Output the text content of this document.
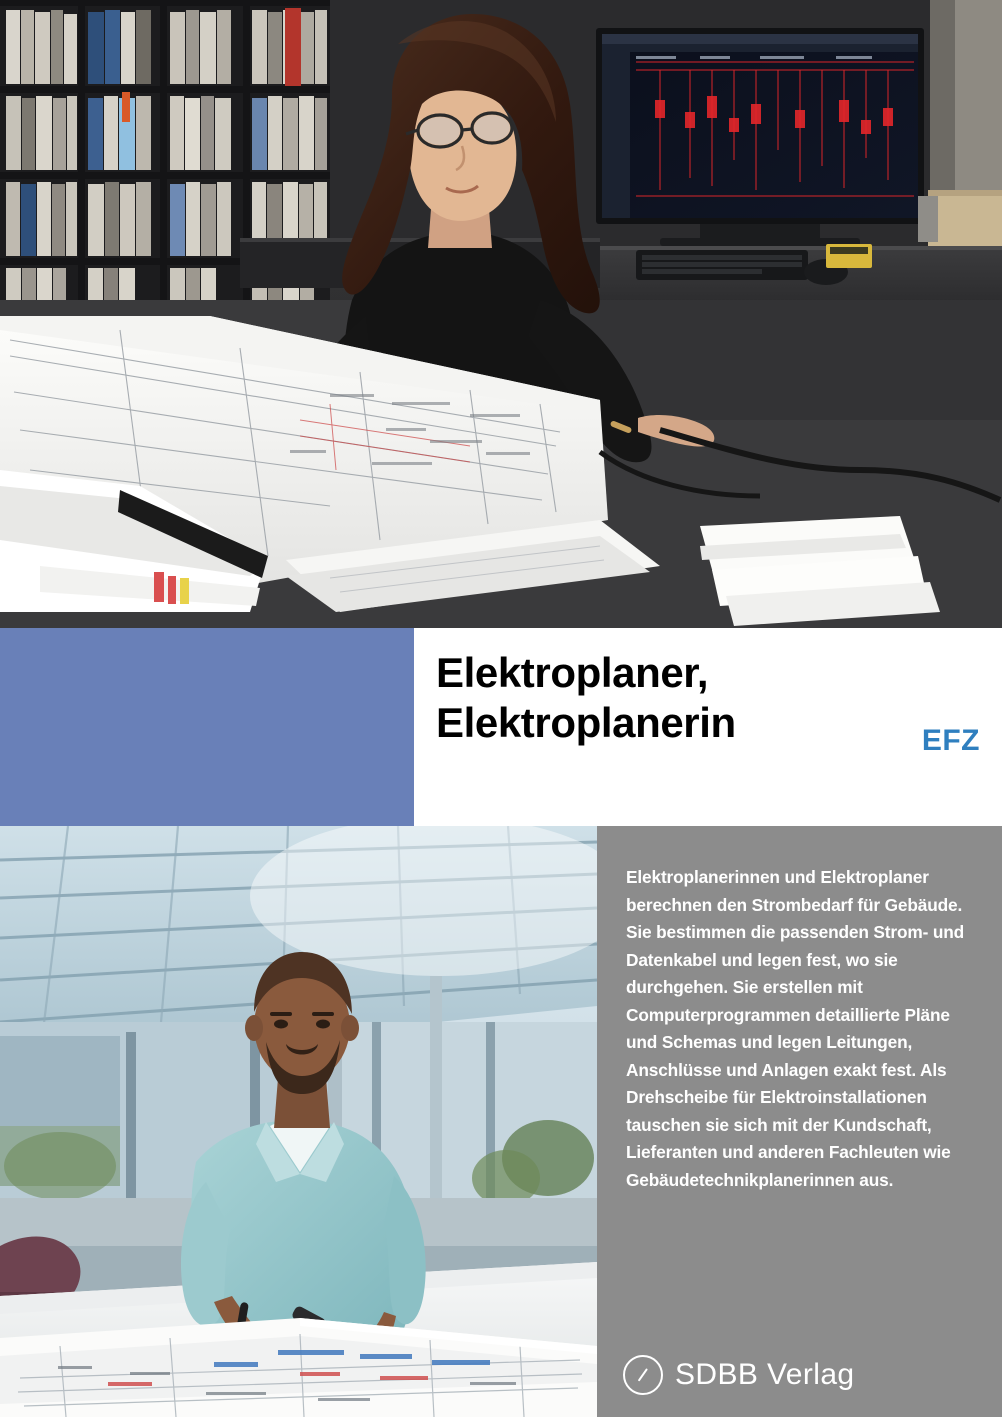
Elektroplaner,
Elektroplanerin	EFZ
Elektroplanerinnen und Elektroplaner berechnen den Strombedarf für Gebäude. Sie bestimmen die passenden Strom- und Datenkabel und legen fest, wo sie durchgehen. Sie erstellen mit Computerprogrammen detaillierte Pläne und Schemas und legen Leitungen, Anschlüsse und Anlagen exakt fest. Als Drehscheibe für Elektroinstallationen tauschen sie sich mit der Kundschaft, Lieferanten und anderen Fachleuten wie Gebäudetechnikplanerinnen aus.
SDBB Verlag
